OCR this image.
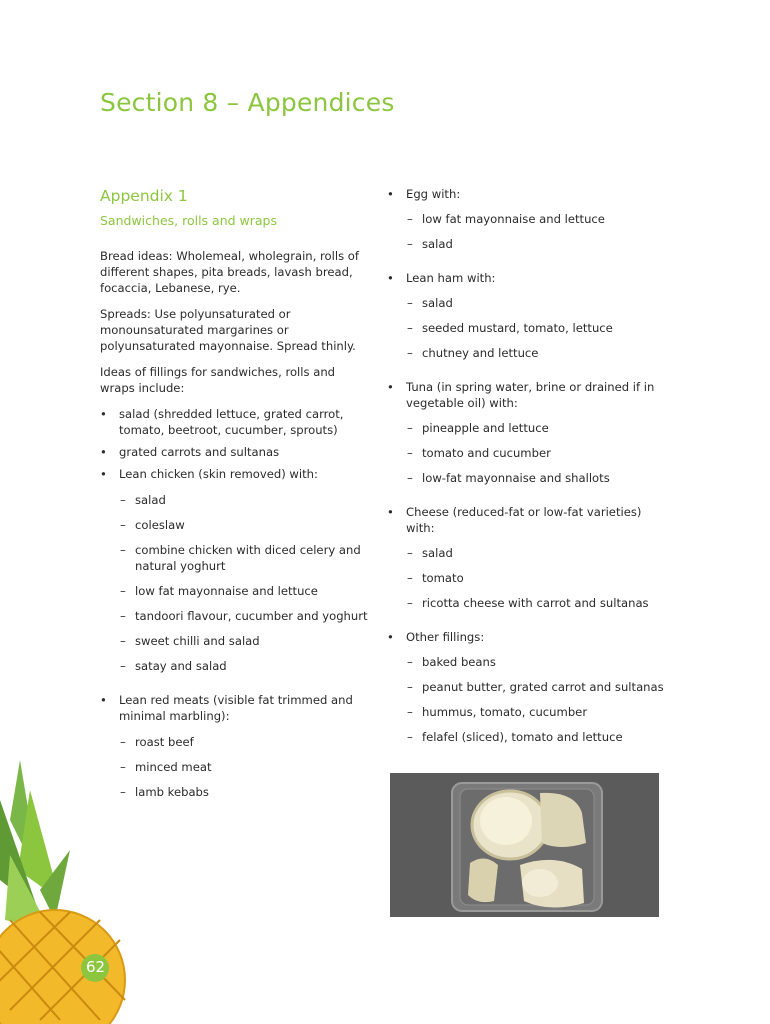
Section 8 – Appendices
Appendix 1
Sandwiches, rolls and wraps
Bread ideas: Wholemeal, wholegrain, rolls of different shapes, pita breads, lavash bread, focaccia, Lebanese, rye.
Spreads: Use polyunsaturated or monounsaturated margarines or polyunsaturated mayonnaise. Spread thinly.
Ideas of fillings for sandwiches, rolls and wraps include:
• salad (shredded lettuce, grated carrot, tomato, beetroot, cucumber, sprouts)
• grated carrots and sultanas
• Lean chicken (skin removed) with:
– salad
– coleslaw
– combine chicken with diced celery and natural yoghurt
– low fat mayonnaise and lettuce
– tandoori flavour, cucumber and yoghurt
– sweet chilli and salad
– satay and salad
• Lean red meats (visible fat trimmed and minimal marbling):
– roast beef
– minced meat
– lamb kebabs
• Egg with:
– low fat mayonnaise and lettuce
– salad
• Lean ham with:
– salad
– seeded mustard, tomato, lettuce
– chutney and lettuce
• Tuna (in spring water, brine or drained if in vegetable oil) with:
– pineapple and lettuce
– tomato and cucumber
– low-fat mayonnaise and shallots
• Cheese (reduced-fat or low-fat varieties) with:
– salad
– tomato
– ricotta cheese with carrot and sultanas
• Other fillings:
– baked beans
– peanut butter, grated carrot and sultanas
– hummus, tomato, cucumber
– felafel (sliced), tomato and lettuce
62
